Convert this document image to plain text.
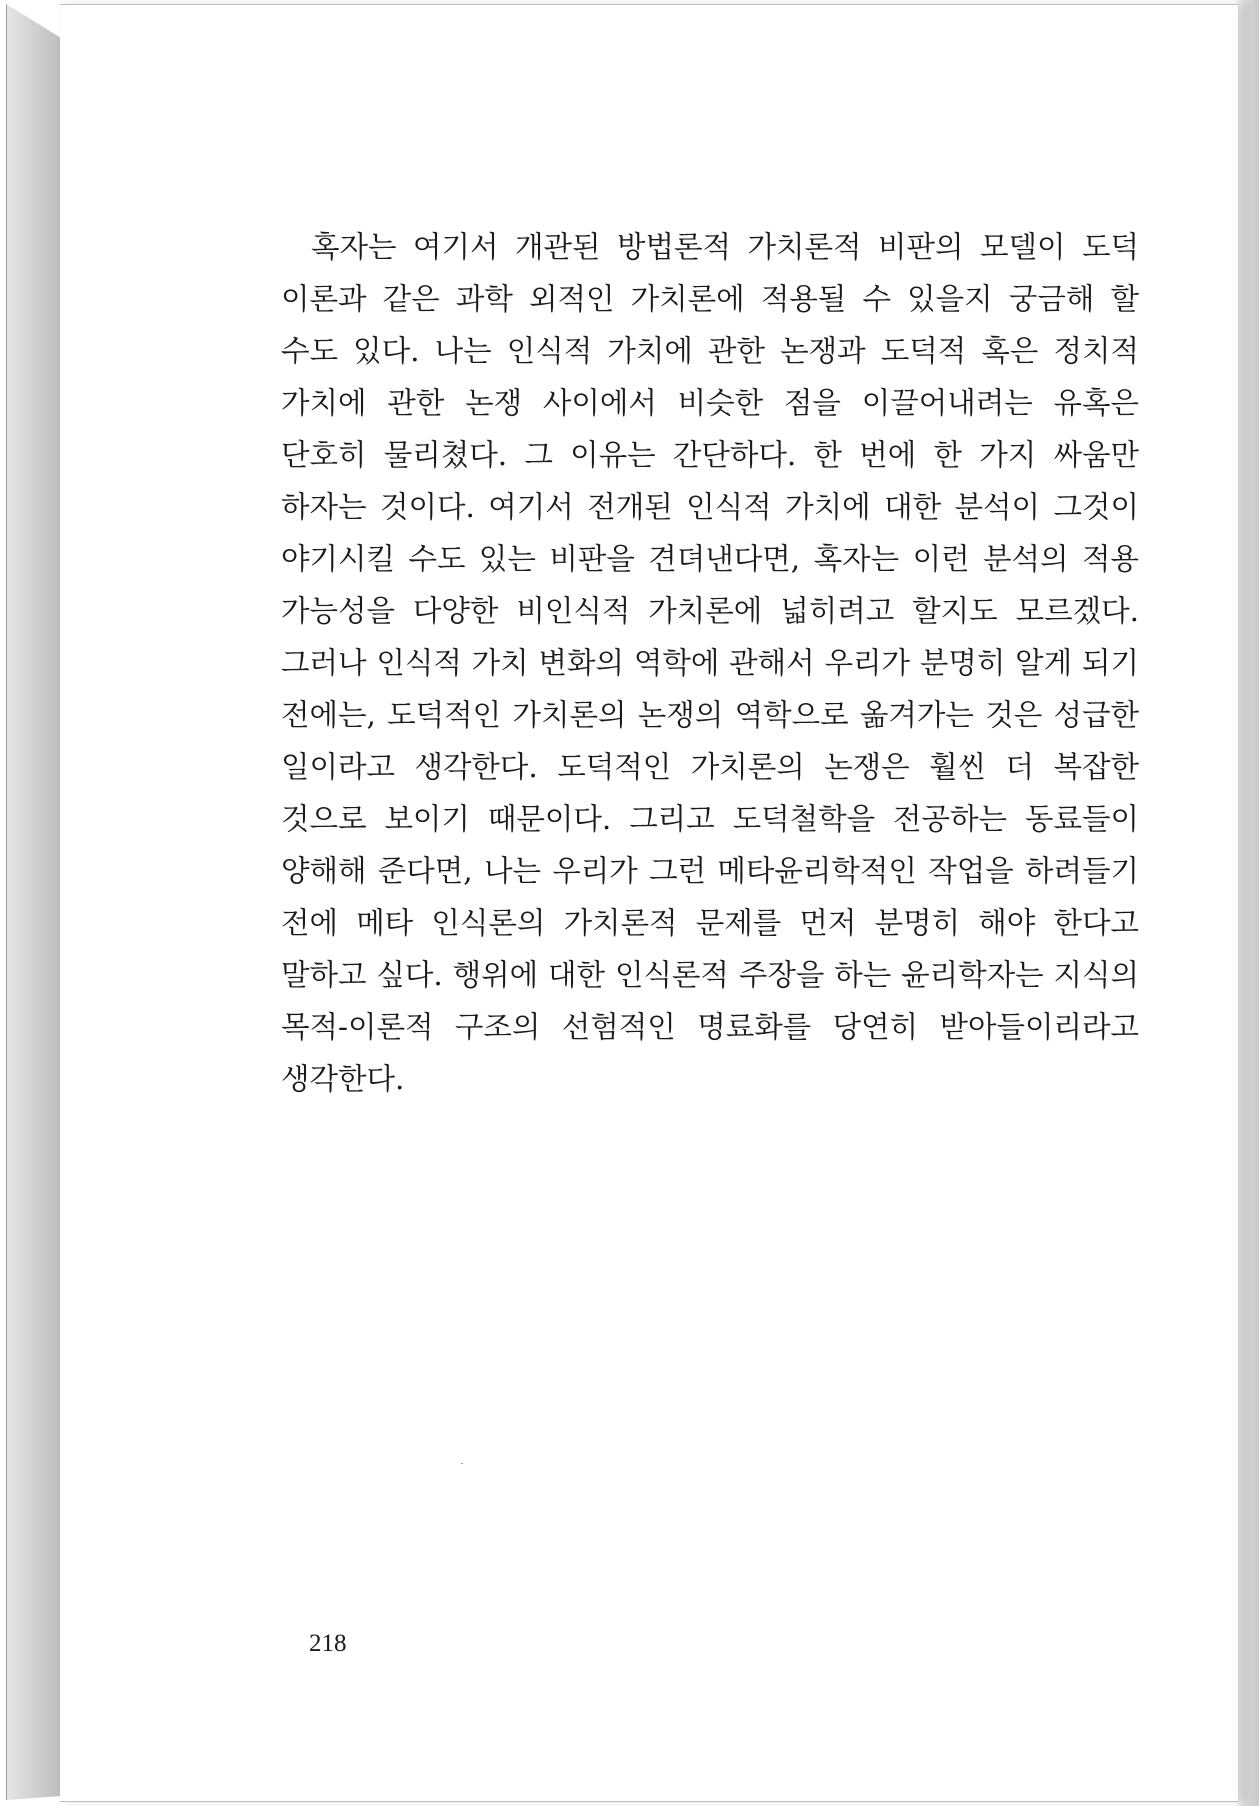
혹자는 여기서 개관된 방법론적 가치론적 비판의 모델이 도덕 이론과 같은 과학 외적인 가치론에 적용될 수 있을지 궁금해 할 수도 있다. 나는 인식적 가치에 관한 논쟁과 도덕적 혹은 정치적 가치에 관한 논쟁 사이에서 비슷한 점을 이끌어내려는 유혹은 단호히 물리쳤다. 그 이유는 간단하다. 한 번에 한 가지 싸움만 하자는 것이다. 여기서 전개된 인식적 가치에 대한 분석이 그것이 야기시킬 수도 있는 비판을 견뎌낸다면, 혹자는 이런 분석의 적용 가능성을 다양한 비인식적 가치론에 넓히려고 할지도 모르겠다. 그러나 인식적 가치 변화의 역학에 관해서 우리가 분명히 알게 되기 전에는, 도덕적인 가치론의 논쟁의 역학으로 옮겨가는 것은 성급한 일이라고 생각한다. 도덕적인 가치론의 논쟁은 훨씬 더 복잡한 것으로 보이기 때문이다. 그리고 도덕철학을 전공하는 동료들이 양해해 준다면, 나는 우리가 그런 메타윤리학적인 작업을 하려들기 전에 메타 인식론의 가치론적 문제를 먼저 분명히 해야 한다고 말하고 싶다. 행위에 대한 인식론적 주장을 하는 윤리학자는 지식의 목적-이론적 구조의 선험적인 명료화를 당연히 받아들이리라고 생각한다.

218
